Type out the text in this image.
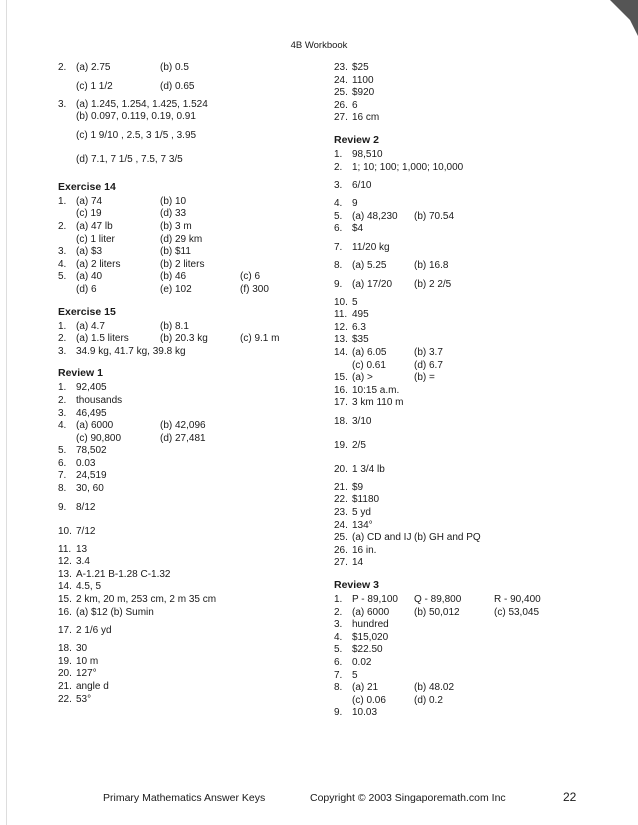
4B Workbook
2. (a) 2.75	(b) 0.5
(c) 1 1/2	(d) 0.65
3. (a) 1.245, 1.254, 1.425, 1.524
(b) 0.097, 0.119, 0.19, 0.91
(c) 1 9/10 , 2.5, 3 1/5 , 3.95
(d) 7.1, 7 1/5 , 7.5, 7 3/5
Exercise 14
1. (a) 74	(b) 10
(c) 19	(d) 33
2. (a) 47 lb	(b) 3 m
(c) 1 liter	(d) 29 km
3. (a) $3	(b) $11
4. (a) 2 liters	(b) 2 liters
5. (a) 40	(b) 46	(c) 6
(d) 6	(e) 102	(f) 300
Exercise 15
1. (a) 4.7	(b) 8.1
2. (a) 1.5 liters	(b) 20.3 kg	(c) 9.1 m
3. 34.9 kg, 41.7 kg, 39.8 kg
Review 1
1. 92,405
2. thousands
3. 46,495
4. (a) 6000	(b) 42,096
(c) 90,800	(d) 27,481
5. 78,502
6. 0.03
7. 24,519
8. 30, 60
9. 8/12
10. 7/12
11. 13
12. 3.4
13. A-1.21 B-1.28 C-1.32
14. 4.5, 5
15. 2 km, 20 m, 253 cm, 2 m 35 cm
16. (a) $12 (b) Sumin
17. 2 1/6 yd
18. 30
19. 10 m
20. 127°
21. angle d
22. 53°
23. $25
24. 1100
25. $920
26. 6
27. 16 cm
Review 2
1. 98,510
2. 1; 10; 100; 1,000; 10,000
3. 6/10
4. 9
5. (a) 48,230 (b) 70.54
6. $4
7. 11/20 kg
8. (a) 5.25	(b) 16.8
9. (a) 17/20 (b) 2 2/5
10. 5
11. 495
12. 6.3
13. $35
14. (a) 6.05	(b) 3.7
(c) 0.61	(d) 6.7
15. (a) >	(b) =
16. 10:15 a.m.
17. 3 km 110 m
18. 3/10
19. 2/5
20. 1 3/4 lb
21. $9
22. $1180
23. 5 yd
24. 134°
25. (a) CD and IJ (b) GH and PQ
26. 16 in.
27. 14
Review 3
1. P - 89,100 Q - 89,800	R - 90,400
2. (a) 6000 (b) 50,012	(c) 53,045
3. hundred
4. $15,020
5. $22.50
6. 0.02
7. 5
8. (a) 21	(b) 48.02
(c) 0.06	(d) 0.2
9. 10.03
Primary Mathematics Answer Keys	Copyright © 2003 Singaporemath.com Inc	22
